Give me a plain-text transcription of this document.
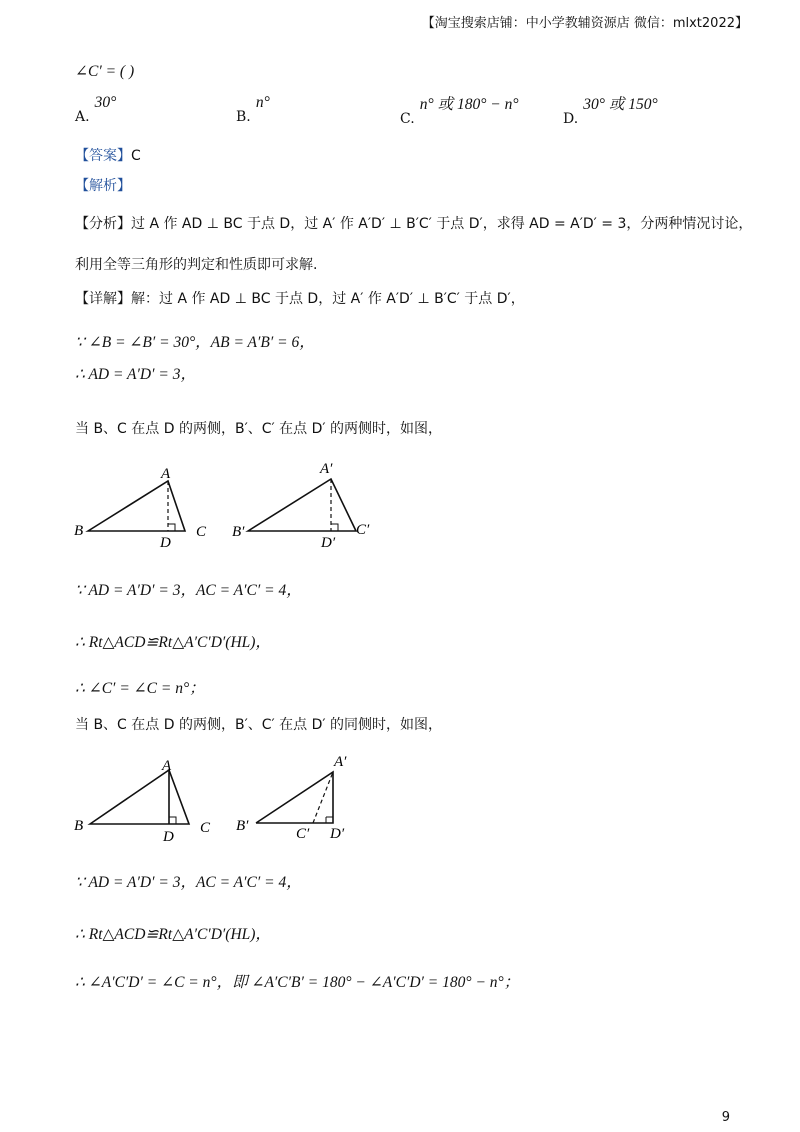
【淘宝搜索店铺：中小学教辅资源店 微信：mlxt2022】
∠C′ = ( )
A. 30°
B. n°
C. n° 或 180° − n°
D. 30° 或 150°
【答案】C
【解析】
【分析】过 A 作 AD ⊥ BC 于点 D，过 A′ 作 A′D′ ⊥ B′C′ 于点 D′，求得 AD = A′D′ = 3，分两种情况讨论，
利用全等三角形的判定和性质即可求解.
【详解】解：过 A 作 AD ⊥ BC 于点 D，过 A′ 作 A′D′ ⊥ B′C′ 于点 D′，
∵ ∠B = ∠B′ = 30°，AB = A′B′ = 6，
∴ AD = A′D′ = 3，
当 B、C 在点 D 的两侧，B′、C′ 在点 D′ 的两侧时，如图，
A
B	C
D
A′
B′	C′
D′
∵ AD = A′D′ = 3，AC = A′C′ = 4，
∴ Rt△ACD≌Rt△A′C′D′(HL)，
∴ ∠C′ = ∠C = n°；
当 B、C 在点 D 的两侧，B′、C′ 在点 D′ 的同侧时，如图，
A
B	C
D
A′
B′	C′ D′
∵ AD = A′D′ = 3，AC = A′C′ = 4，
∴ Rt△ACD≌Rt△A′C′D′(HL)，
∴ ∠A′C′D′ = ∠C = n°，即 ∠A′C′B′ = 180° − ∠A′C′D′ = 180° − n°；
9
